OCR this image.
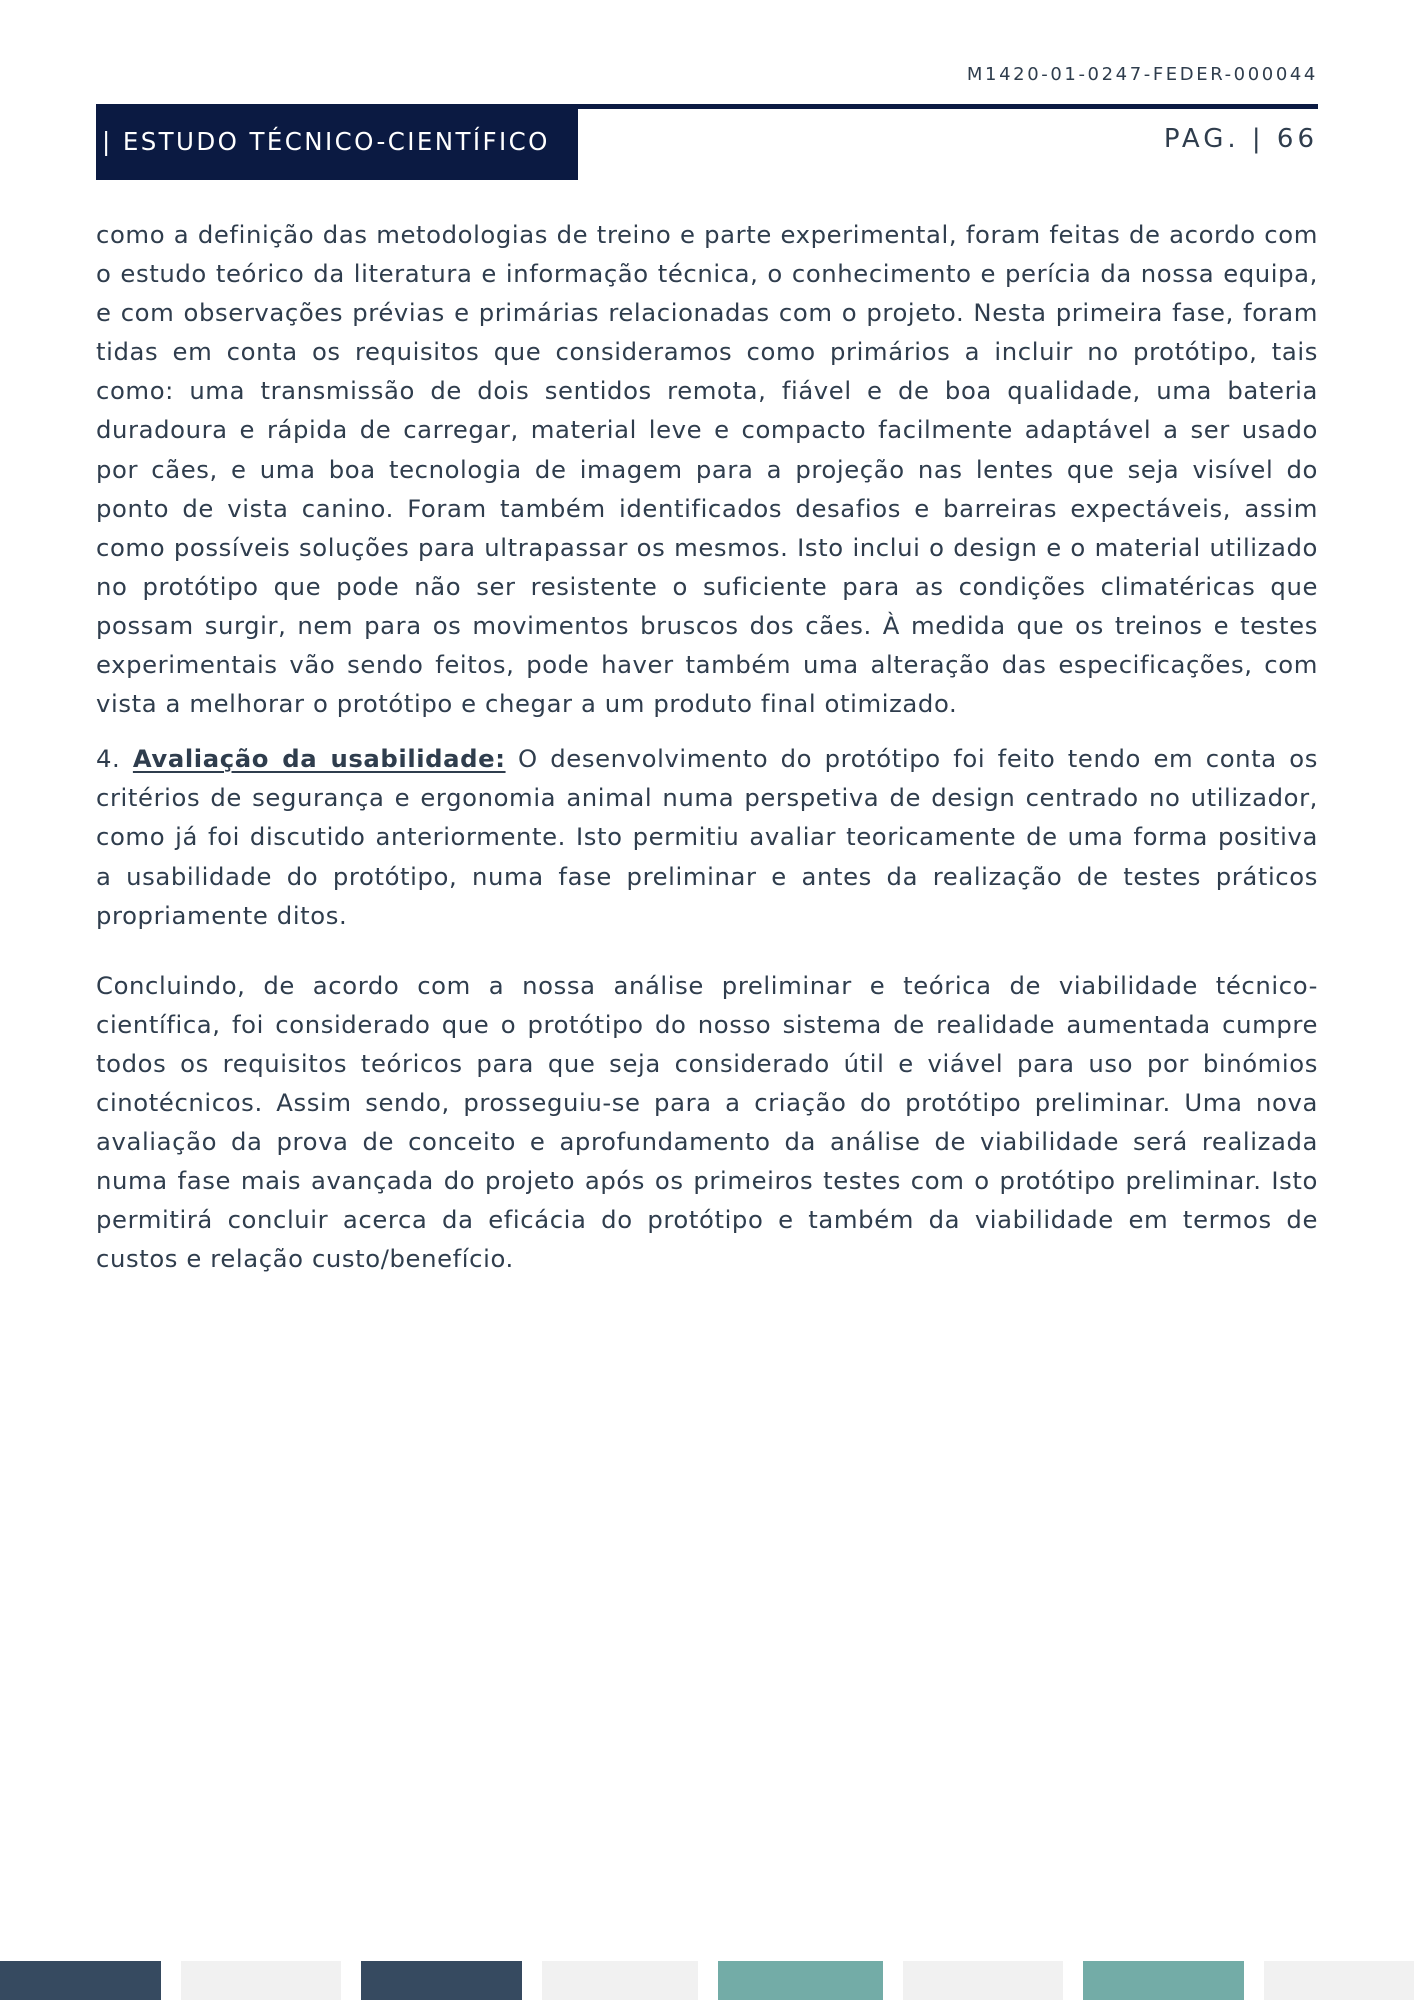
M1420-01-0247-FEDER-000044
| ESTUDO TÉCNICO-CIENTÍFICO	PAG. | 66

como a definição das metodologias de treino e parte experimental, foram feitas de acordo com o estudo teórico da literatura e informação técnica, o conhecimento e perícia da nossa equipa, e com observações prévias e primárias relacionadas com o projeto. Nesta primeira fase, foram tidas em conta os requisitos que consideramos como primários a incluir no protótipo, tais como: uma transmissão de dois sentidos remota, fiável e de boa qualidade, uma bateria duradoura e rápida de carregar, material leve e compacto facilmente adaptável a ser usado por cães, e uma boa tecnologia de imagem para a projeção nas lentes que seja visível do ponto de vista canino. Foram também identificados desafios e barreiras expectáveis, assim como possíveis soluções para ultrapassar os mesmos. Isto inclui o design e o material utilizado no protótipo que pode não ser resistente o suficiente para as condições climatéricas que possam surgir, nem para os movimentos bruscos dos cães. À medida que os treinos e testes experimentais vão sendo feitos, pode haver também uma alteração das especificações, com vista a melhorar o protótipo e chegar a um produto final otimizado.

4. Avaliação da usabilidade: O desenvolvimento do protótipo foi feito tendo em conta os critérios de segurança e ergonomia animal numa perspetiva de design centrado no utilizador, como já foi discutido anteriormente. Isto permitiu avaliar teoricamente de uma forma positiva a usabilidade do protótipo, numa fase preliminar e antes da realização de testes práticos propriamente ditos.

Concluindo, de acordo com a nossa análise preliminar e teórica de viabilidade técnico-científica, foi considerado que o protótipo do nosso sistema de realidade aumentada cumpre todos os requisitos teóricos para que seja considerado útil e viável para uso por binómios cinotécnicos. Assim sendo, prosseguiu-se para a criação do protótipo preliminar. Uma nova avaliação da prova de conceito e aprofundamento da análise de viabilidade será realizada numa fase mais avançada do projeto após os primeiros testes com o protótipo preliminar. Isto permitirá concluir acerca da eficácia do protótipo e também da viabilidade em termos de custos e relação custo/benefício.
